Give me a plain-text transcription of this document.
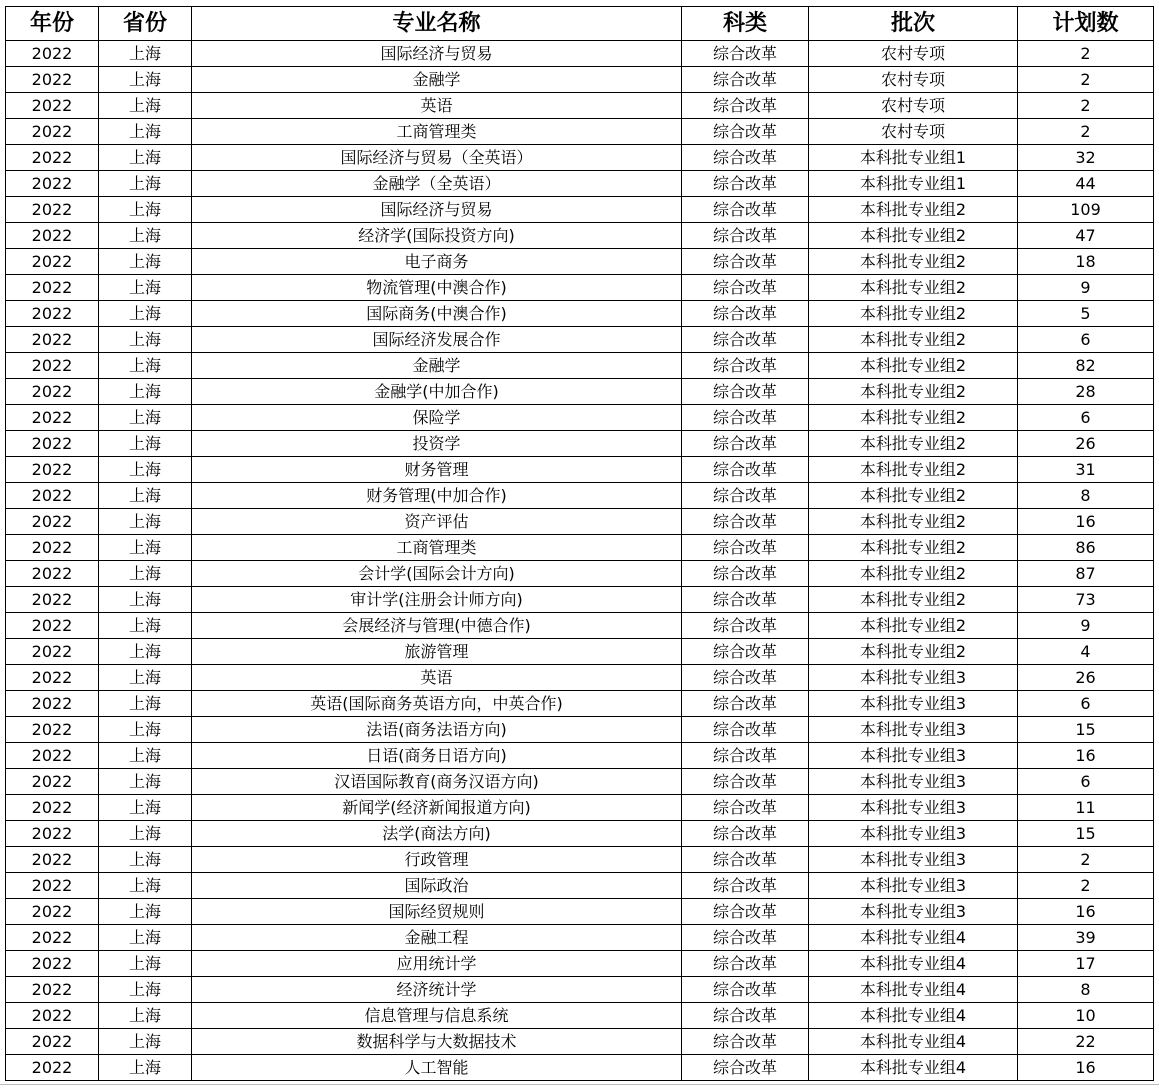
年份	省份	专业名称	科类	批次	计划数
2022	上海	国际经济与贸易	综合改革	农村专项	2
2022	上海	金融学	综合改革	农村专项	2
2022	上海	英语	综合改革	农村专项	2
2022	上海	工商管理类	综合改革	农村专项	2
2022	上海	国际经济与贸易（全英语）	综合改革	本科批专业组1	32
2022	上海	金融学（全英语）	综合改革	本科批专业组1	44
2022	上海	国际经济与贸易	综合改革	本科批专业组2	109
2022	上海	经济学(国际投资方向)	综合改革	本科批专业组2	47
2022	上海	电子商务	综合改革	本科批专业组2	18
2022	上海	物流管理(中澳合作)	综合改革	本科批专业组2	9
2022	上海	国际商务(中澳合作)	综合改革	本科批专业组2	5
2022	上海	国际经济发展合作	综合改革	本科批专业组2	6
2022	上海	金融学	综合改革	本科批专业组2	82
2022	上海	金融学(中加合作)	综合改革	本科批专业组2	28
2022	上海	保险学	综合改革	本科批专业组2	6
2022	上海	投资学	综合改革	本科批专业组2	26
2022	上海	财务管理	综合改革	本科批专业组2	31
2022	上海	财务管理(中加合作)	综合改革	本科批专业组2	8
2022	上海	资产评估	综合改革	本科批专业组2	16
2022	上海	工商管理类	综合改革	本科批专业组2	86
2022	上海	会计学(国际会计方向)	综合改革	本科批专业组2	87
2022	上海	审计学(注册会计师方向)	综合改革	本科批专业组2	73
2022	上海	会展经济与管理(中德合作)	综合改革	本科批专业组2	9
2022	上海	旅游管理	综合改革	本科批专业组2	4
2022	上海	英语	综合改革	本科批专业组3	26
2022	上海	英语(国际商务英语方向，中英合作)	综合改革	本科批专业组3	6
2022	上海	法语(商务法语方向)	综合改革	本科批专业组3	15
2022	上海	日语(商务日语方向)	综合改革	本科批专业组3	16
2022	上海	汉语国际教育(商务汉语方向)	综合改革	本科批专业组3	6
2022	上海	新闻学(经济新闻报道方向)	综合改革	本科批专业组3	11
2022	上海	法学(商法方向)	综合改革	本科批专业组3	15
2022	上海	行政管理	综合改革	本科批专业组3	2
2022	上海	国际政治	综合改革	本科批专业组3	2
2022	上海	国际经贸规则	综合改革	本科批专业组3	16
2022	上海	金融工程	综合改革	本科批专业组4	39
2022	上海	应用统计学	综合改革	本科批专业组4	17
2022	上海	经济统计学	综合改革	本科批专业组4	8
2022	上海	信息管理与信息系统	综合改革	本科批专业组4	10
2022	上海	数据科学与大数据技术	综合改革	本科批专业组4	22
2022	上海	人工智能	综合改革	本科批专业组4	16
